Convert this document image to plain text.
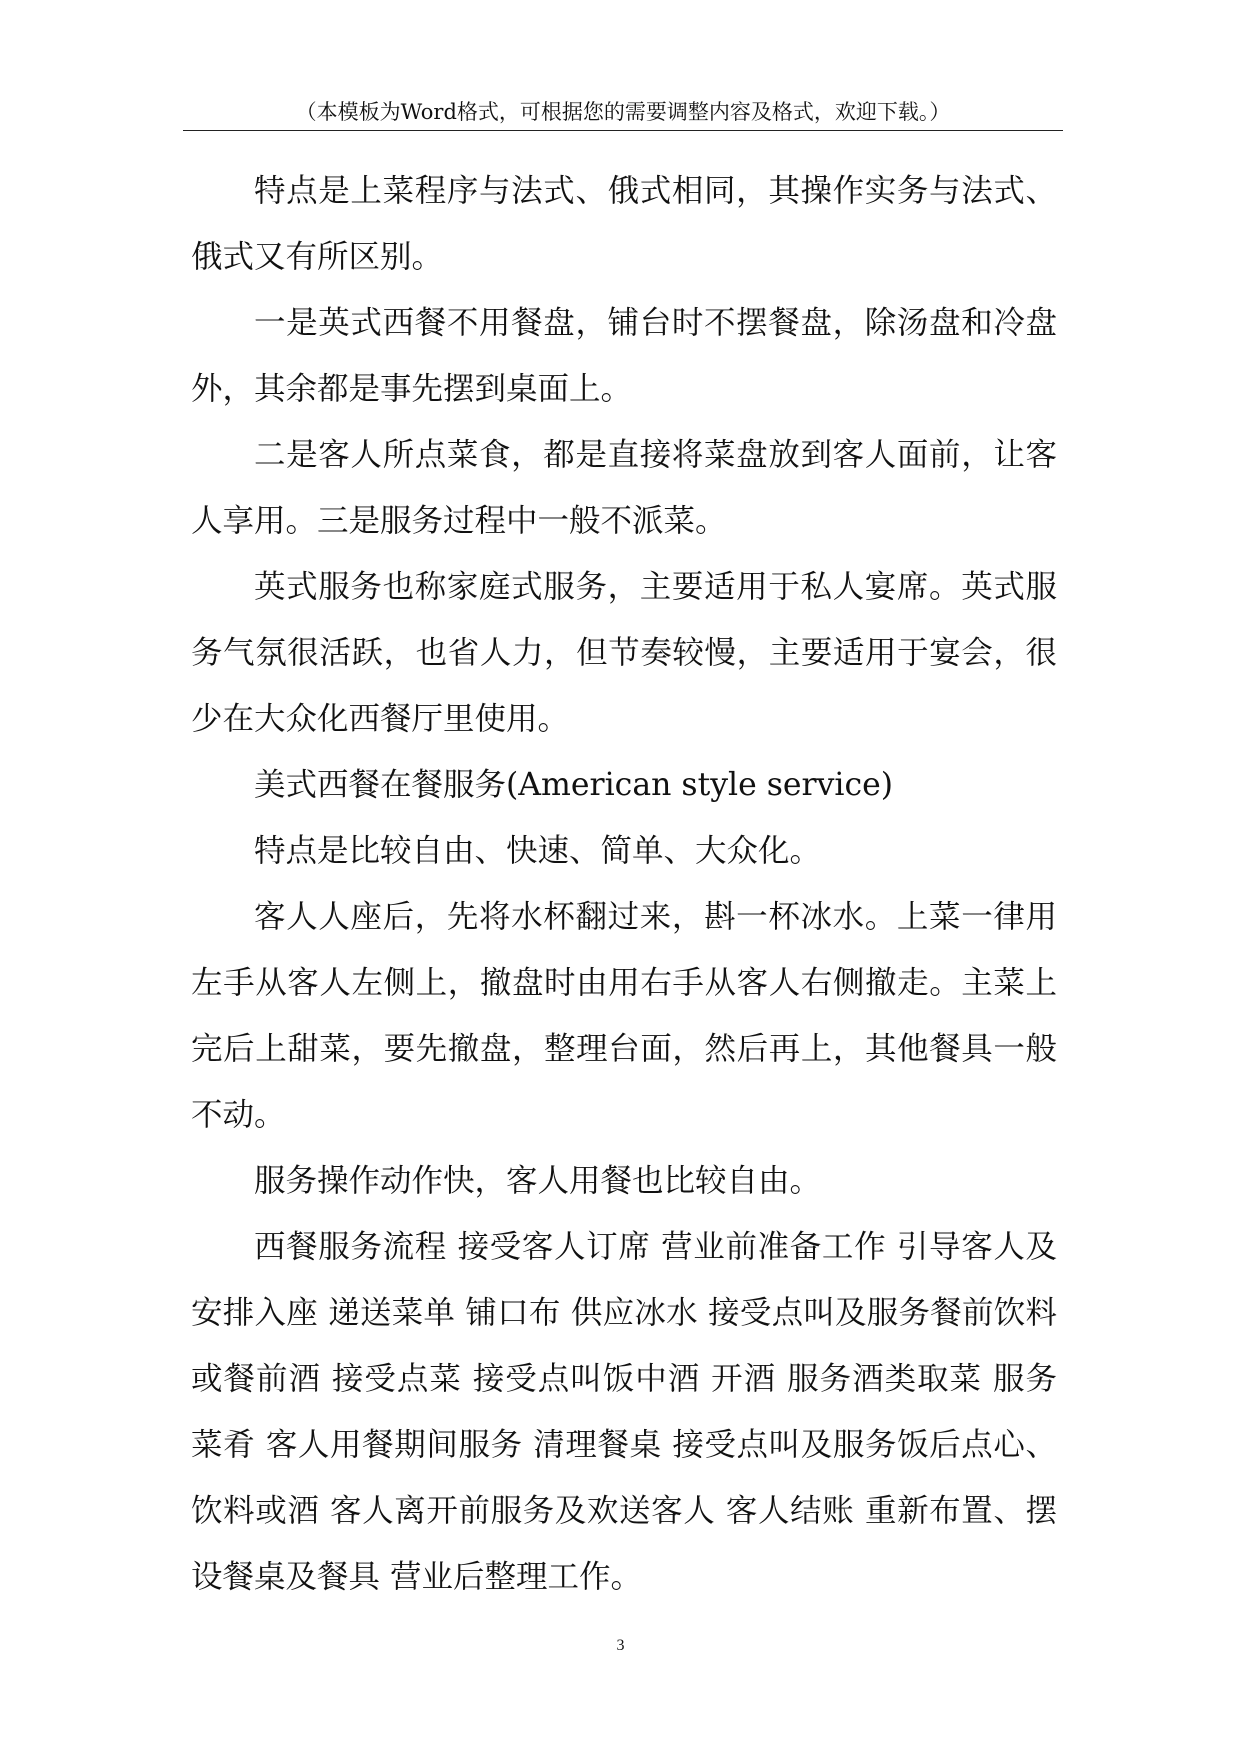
（本模板为Word格式，可根据您的需要调整内容及格式，欢迎下载。）

特点是上菜程序与法式、俄式相同，其操作实务与法式、俄式又有所区别。

一是英式西餐不用餐盘，铺台时不摆餐盘，除汤盘和冷盘外，其余都是事先摆到桌面上。

二是客人所点菜食，都是直接将菜盘放到客人面前，让客人享用。三是服务过程中一般不派菜。

英式服务也称家庭式服务，主要适用于私人宴席。英式服务气氛很活跃，也省人力，但节奏较慢，主要适用于宴会，很少在大众化西餐厅里使用。

美式西餐在餐服务(American style service)

特点是比较自由、快速、简单、大众化。

客人人座后，先将水杯翻过来，斟一杯冰水。上菜一律用左手从客人左侧上，撤盘时由用右手从客人右侧撤走。主菜上完后上甜菜，要先撤盘，整理台面，然后再上，其他餐具一般不动。

服务操作动作快，客人用餐也比较自由。

西餐服务流程 接受客人订席 营业前准备工作 引导客人及安排入座 递送菜单 铺口布 供应冰水 接受点叫及服务餐前饮料或餐前酒 接受点菜 接受点叫饭中酒 开酒 服务酒类取菜 服务菜肴 客人用餐期间服务 清理餐桌 接受点叫及服务饭后点心、饮料或酒 客人离开前服务及欢送客人 客人结账 重新布置、摆设餐桌及餐具 营业后整理工作。

3
